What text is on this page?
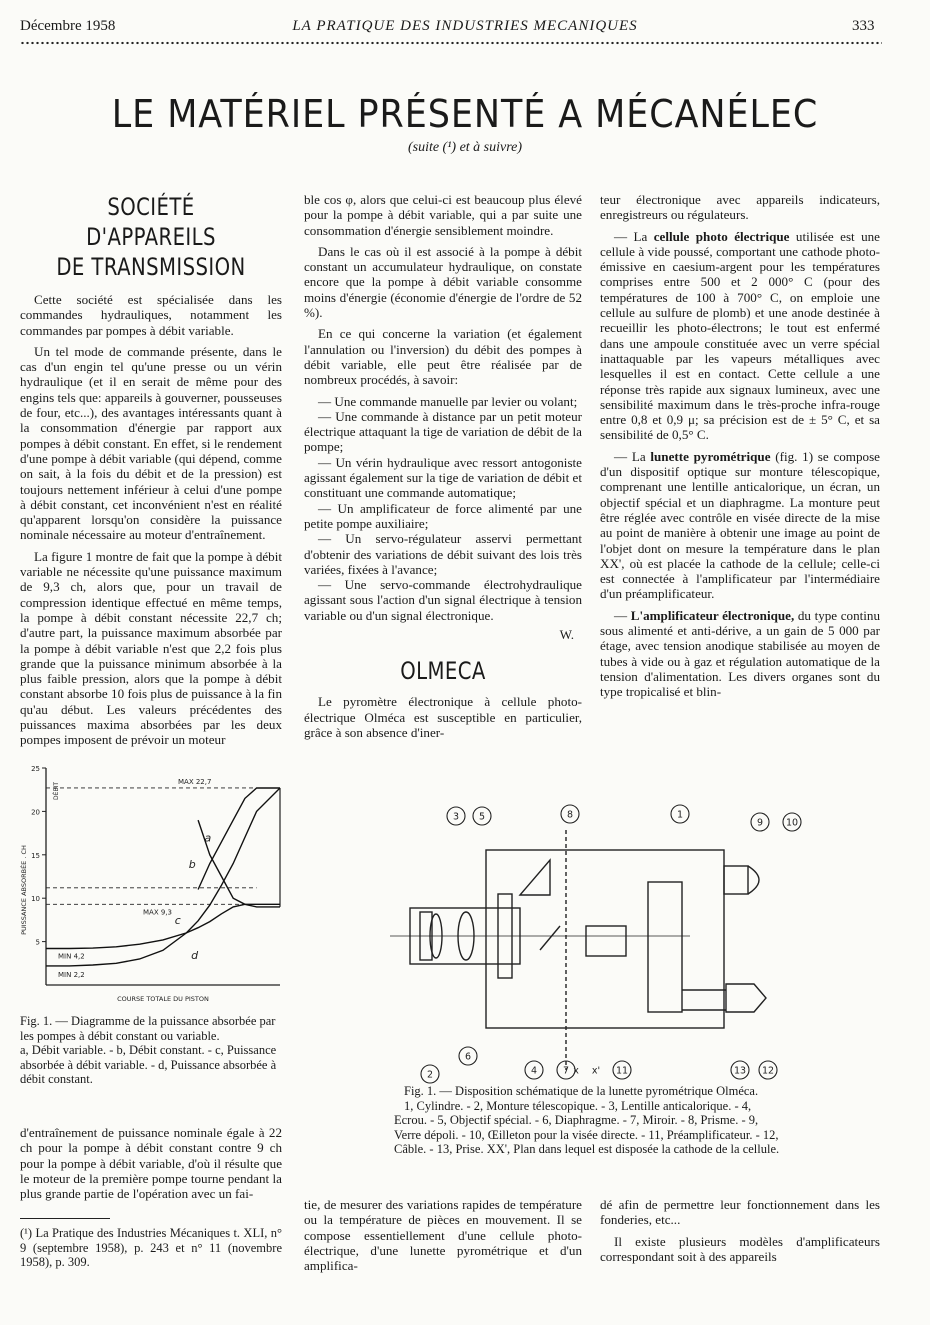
Décembre 1958	LA PRATIQUE DES INDUSTRIES MECANIQUES	333
LE MATÉRIEL PRÉSENTÉ A MÉCANÉLEC
(suite (¹) et à suivre)
SOCIÉTÉ D'APPAREILS
DE TRANSMISSION

Cette société est spécialisée dans les commandes hydrauliques, notamment les commandes par pompes à débit variable.

Un tel mode de commande présente, dans le cas d'un engin tel qu'une presse ou un vérin hydraulique (et il en serait de même pour des engins tels que: appareils à gouverner, pousseuses de four, etc...), des avantages intéressants quant à la consommation d'énergie par rapport aux pompes à débit constant. En effet, si le rendement d'une pompe à débit variable (qui dépend, comme on sait, à la fois du débit et de la pression) est toujours nettement inférieur à celui d'une pompe à débit constant, cet inconvénient n'est en réalité qu'apparent lorsqu'on considère la puissance nominale nécessaire au moteur d'entraînement.

La figure 1 montre de fait que la pompe à débit variable ne nécessite qu'une puissance maximum de 9,3 ch, alors que, pour un travail de compression identique effectué en même temps, la pompe à débit constant nécessite 22,7 ch; d'autre part, la puissance maximum absorbée par la pompe à débit variable n'est que 2,2 fois plus grande que la puissance minimum absorbée à la plus faible pression, alors que la pompe à débit constant absorbe 10 fois plus de puissance à la fin qu'au début. Les valeurs précédentes des puissances maxima absorbées par les deux pompes imposent de prévoir un moteur

5
10
15
20
25
PUISSANCE ABSORBÉE . CH
DÉBIT
COURSE TOTALE DU PISTON
MAX 22,7
MAX 9,3
MIN 4,2
MIN 2,2
a
b
c
d
Fig. 1. — Diagramme de la puissance absorbée par les pompes à débit constant ou variable.
a, Débit variable. - b, Débit constant. - c, Puissance absorbée à débit variable. - d, Puissance absorbée à débit constant.

d'entraînement de puissance nominale égale à 22 ch pour la pompe à débit constant contre 9 ch pour la pompe à débit variable, d'où il résulte que le moteur de la première pompe tourne pendant la plus grande partie de l'opération avec un fai-

(¹) La Pratique des Industries Mécaniques t. XLI, n° 9 (septembre 1958), p. 243 et n° 11 (novembre 1958), p. 309.

ble cos φ, alors que celui-ci est beaucoup plus élevé pour la pompe à débit variable, qui a par suite une consommation d'énergie sensiblement moindre.

Dans le cas où il est associé à la pompe à débit constant un accumulateur hydraulique, on constate encore que la pompe à débit variable consomme moins d'énergie (économie d'énergie de l'ordre de 52 %).

En ce qui concerne la variation (et également l'annulation ou l'inversion) du débit des pompes à débit variable, elle peut être réalisée par de nombreux procédés, à savoir:

— Une commande manuelle par levier ou volant;

— Une commande à distance par un petit moteur électrique attaquant la tige de variation de débit de la pompe;

— Un vérin hydraulique avec ressort antogoniste agissant également sur la tige de variation de débit et constituant une commande automatique;

— Un amplificateur de force alimenté par une petite pompe auxiliaire;

— Un servo-régulateur asservi permettant d'obtenir des variations de débit suivant des lois très variées, fixées à l'avance;

— Une servo-commande électrohydraulique agissant sous l'action d'un signal électrique à tension variable ou d'un signal électronique.

W.
OLMECA

Le pyromètre électronique à cellule photo-électrique Olméca est susceptible en particulier, grâce à son absence d'iner-

teur électronique avec appareils indicateurs, enregistreurs ou régulateurs.

— La cellule photo électrique utilisée est une cellule à vide poussé, comportant une cathode photo-émissive en caesium-argent pour les températures comprises entre 500 et 2 000° C (pour des températures de 100 à 700° C, on emploie une cellule au sulfure de plomb) et une anode destinée à recueillir les photo-électrons; le tout est enfermé dans une ampoule constituée avec un verre spécial inattaquable par les vapeurs métalliques avec lesquelles il est en contact. Cette cellule a une réponse très rapide aux signaux lumineux, avec une sensibilité maximum dans le très-proche infra-rouge entre 0,8 et 0,9 μ; sa précision est de ± 5° C, et sa sensibilité de 0,5° C.

— La lunette pyrométrique (fig. 1) se compose d'un dispositif optique sur monture télescopique, comprenant une lentille anticalorique, un écran, un objectif spécial et un diaphragme. La monture peut être réglée avec contrôle en visée directe de la mise au point de manière à obtenir une image au point de l'objet dont on mesure la température dans le plan XX', où est placée la cathode de la cellule; celle-ci est connectée à l'amplificateur par l'intermédiaire d'un préamplificateur.

— L'amplificateur électronique, du type continu sous alimenté et anti-dérive, a un gain de 5 000 par étage, avec tension anodique stabilisée au moyen de tubes à vide ou à gaz et régulation automatique de la tension d'alimentation. Les divers organes sont du type tropicalisé et blin-

1
2
3
4
5
6
7
8
9 10
11	12
13
x x'
Fig. 1. — Disposition schématique de la lunette pyrométrique Olméca.
1, Cylindre. - 2, Monture télescopique. - 3, Lentille anticalorique. - 4, Ecrou. - 5, Objectif spécial. - 6, Diaphragme. - 7, Miroir. - 8, Prisme. - 9, Verre dépoli. - 10, Œilleton pour la visée directe. - 11, Préamplificateur. - 12, Câble. - 13, Prise. XX', Plan dans lequel est disposée la cathode de la cellule.

tie, de mesurer des variations rapides de température ou la température de pièces en mouvement. Il se compose essentiellement d'une cellule photo-électrique, d'une lunette pyrométrique et d'un amplifica-

dé afin de permettre leur fonctionnement dans les fonderies, etc...

Il existe plusieurs modèles d'amplificateurs correspondant soit à des appareils
